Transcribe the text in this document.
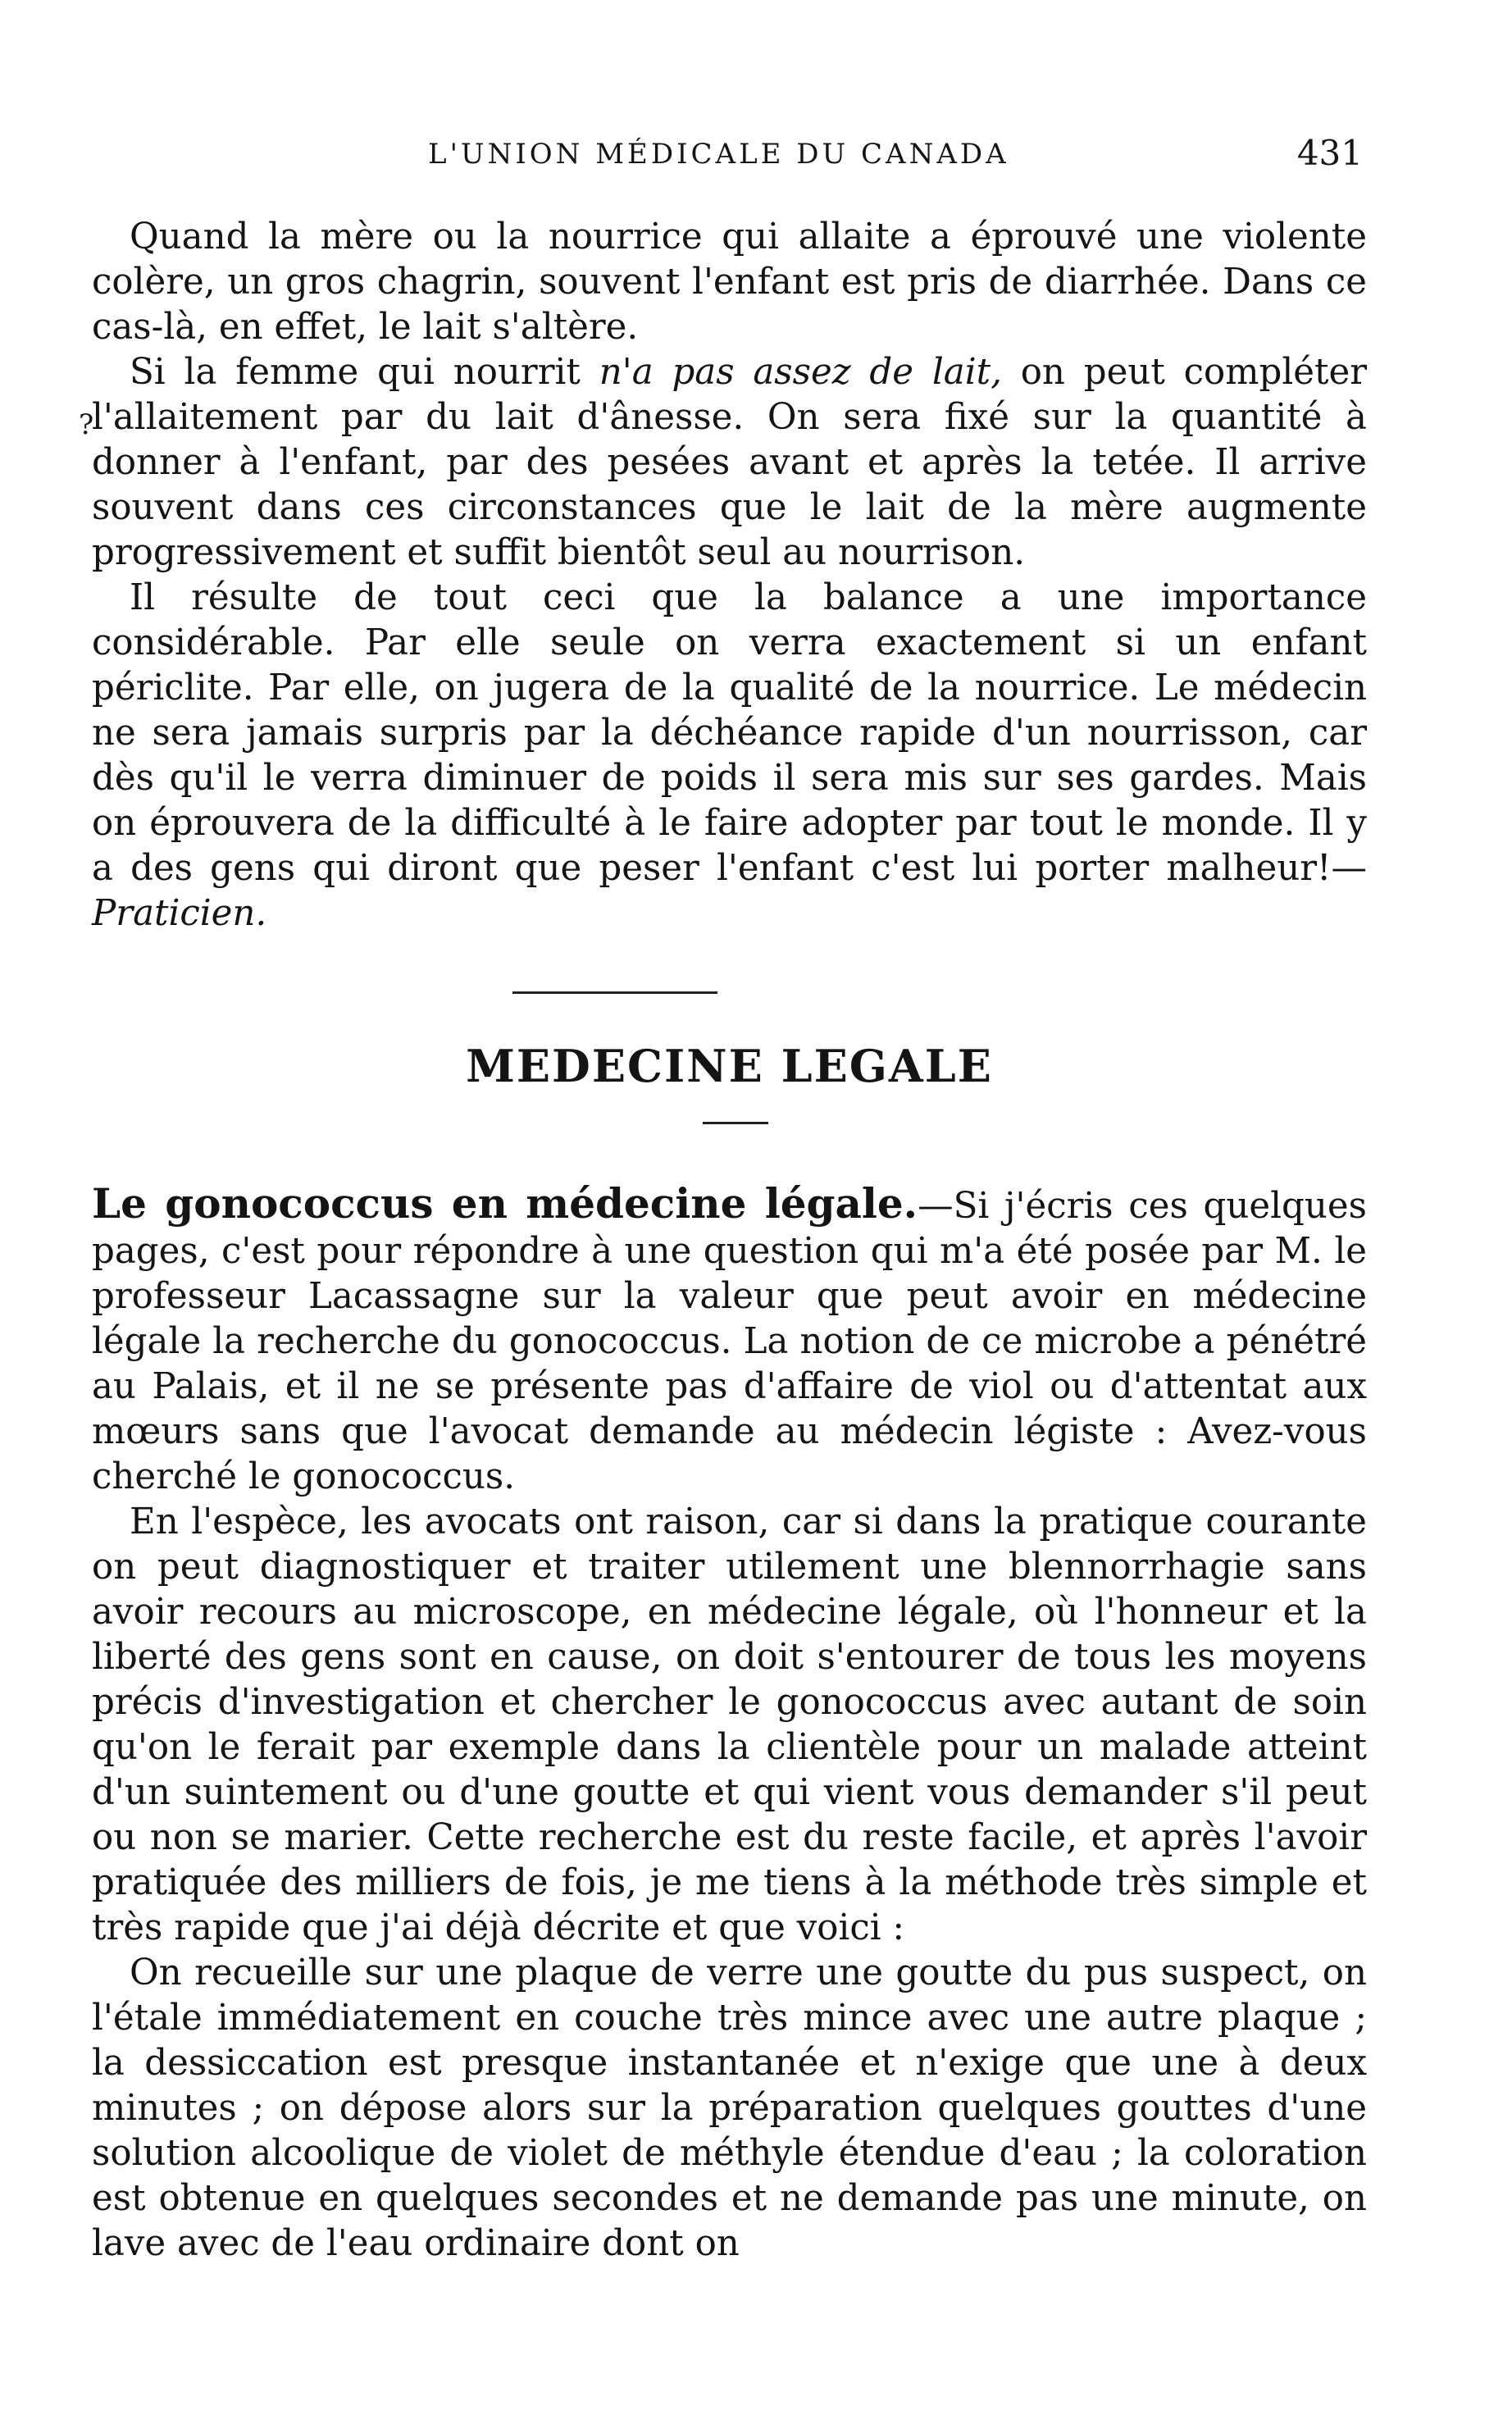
L'UNION MÉDICALE DU CANADA	431
?

Quand la mère ou la nourrice qui allaite a éprouvé une violente colère, un gros chagrin, souvent l'enfant est pris de diarrhée. Dans ce cas-là, en effet, le lait s'altère.

Si la femme qui nourrit n'a pas assez de lait, on peut compléter l'allaitement par du lait d'ânesse. On sera fixé sur la quantité à donner à l'enfant, par des pesées avant et après la tetée. Il arrive souvent dans ces circonstances que le lait de la mère augmente progressivement et suffit bientôt seul au nourrison.

Il résulte de tout ceci que la balance a une importance considérable. Par elle seule on verra exactement si un enfant périclite. Par elle, on jugera de la qualité de la nourrice. Le médecin ne sera jamais surpris par la déchéance rapide d'un nourrisson, car dès qu'il le verra diminuer de poids il sera mis sur ses gardes. Mais on éprouvera de la difficulté à le faire adopter par tout le monde. Il y a des gens qui diront que peser l'enfant c'est lui porter malheur!—Praticien.

MEDECINE LEGALE

Le gonococcus en médecine légale.—Si j'écris ces quelques pages, c'est pour répondre à une question qui m'a été posée par M. le professeur Lacassagne sur la valeur que peut avoir en médecine légale la recherche du gonococcus. La notion de ce microbe a pénétré au Palais, et il ne se présente pas d'affaire de viol ou d'attentat aux mœurs sans que l'avocat demande au médecin légiste : Avez-vous cherché le gonococcus.

En l'espèce, les avocats ont raison, car si dans la pratique courante on peut diagnostiquer et traiter utilement une blennorrhagie sans avoir recours au microscope, en médecine légale, où l'honneur et la liberté des gens sont en cause, on doit s'entourer de tous les moyens précis d'investigation et chercher le gonococcus avec autant de soin qu'on le ferait par exemple dans la clientèle pour un malade atteint d'un suintement ou d'une goutte et qui vient vous demander s'il peut ou non se marier. Cette recherche est du reste facile, et après l'avoir pratiquée des milliers de fois, je me tiens à la méthode très simple et très rapide que j'ai déjà décrite et que voici :

On recueille sur une plaque de verre une goutte du pus suspect, on l'étale immédiatement en couche très mince avec une autre plaque ; la dessiccation est presque instantanée et n'exige que une à deux minutes ; on dépose alors sur la préparation quelques gouttes d'une solution alcoolique de violet de méthyle étendue d'eau ; la coloration est obtenue en quelques secondes et ne demande pas une minute, on lave avec de l'eau ordinaire dont on
